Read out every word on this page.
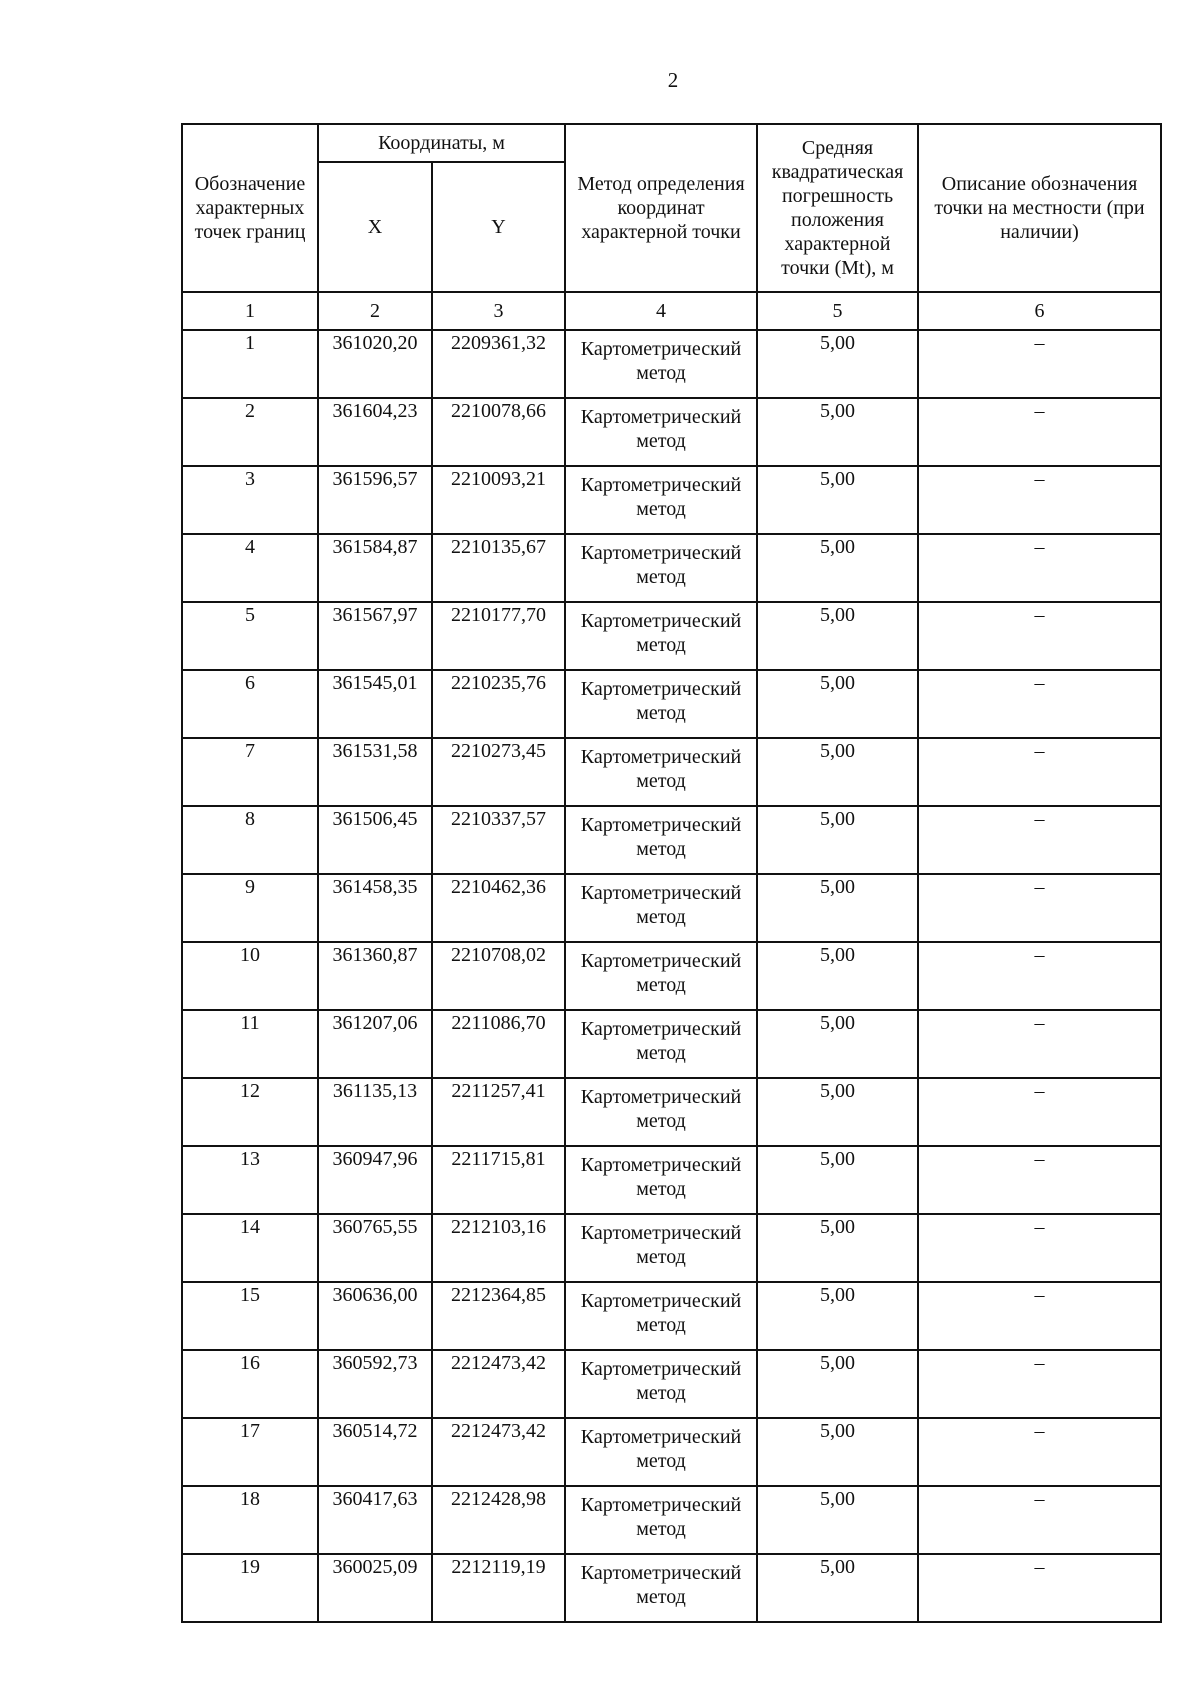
2
Обозначение характерных точек границ	Координаты, м		Метод определения координат характерной точки	Средняя квадратическая погрешность положения характерной точки (Mt), м	Описание обозначения точки на местности (при наличии)
	X	Y			
1	2	3	4	5	6
1	361020,20	2209361,32	Картометрический метод	5,00	–
2	361604,23	2210078,66	Картометрический метод	5,00	–
3	361596,57	2210093,21	Картометрический метод	5,00	–
4	361584,87	2210135,67	Картометрический метод	5,00	–
5	361567,97	2210177,70	Картометрический метод	5,00	–
6	361545,01	2210235,76	Картометрический метод	5,00	–
7	361531,58	2210273,45	Картометрический метод	5,00	–
8	361506,45	2210337,57	Картометрический метод	5,00	–
9	361458,35	2210462,36	Картометрический метод	5,00	–
10	361360,87	2210708,02	Картометрический метод	5,00	–
11	361207,06	2211086,70	Картометрический метод	5,00	–
12	361135,13	2211257,41	Картометрический метод	5,00	–
13	360947,96	2211715,81	Картометрический метод	5,00	–
14	360765,55	2212103,16	Картометрический метод	5,00	–
15	360636,00	2212364,85	Картометрический метод	5,00	–
16	360592,73	2212473,42	Картометрический метод	5,00	–
17	360514,72	2212473,42	Картометрический метод	5,00	–
18	360417,63	2212428,98	Картометрический метод	5,00	–
19	360025,09	2212119,19	Картометрический метод	5,00	–
